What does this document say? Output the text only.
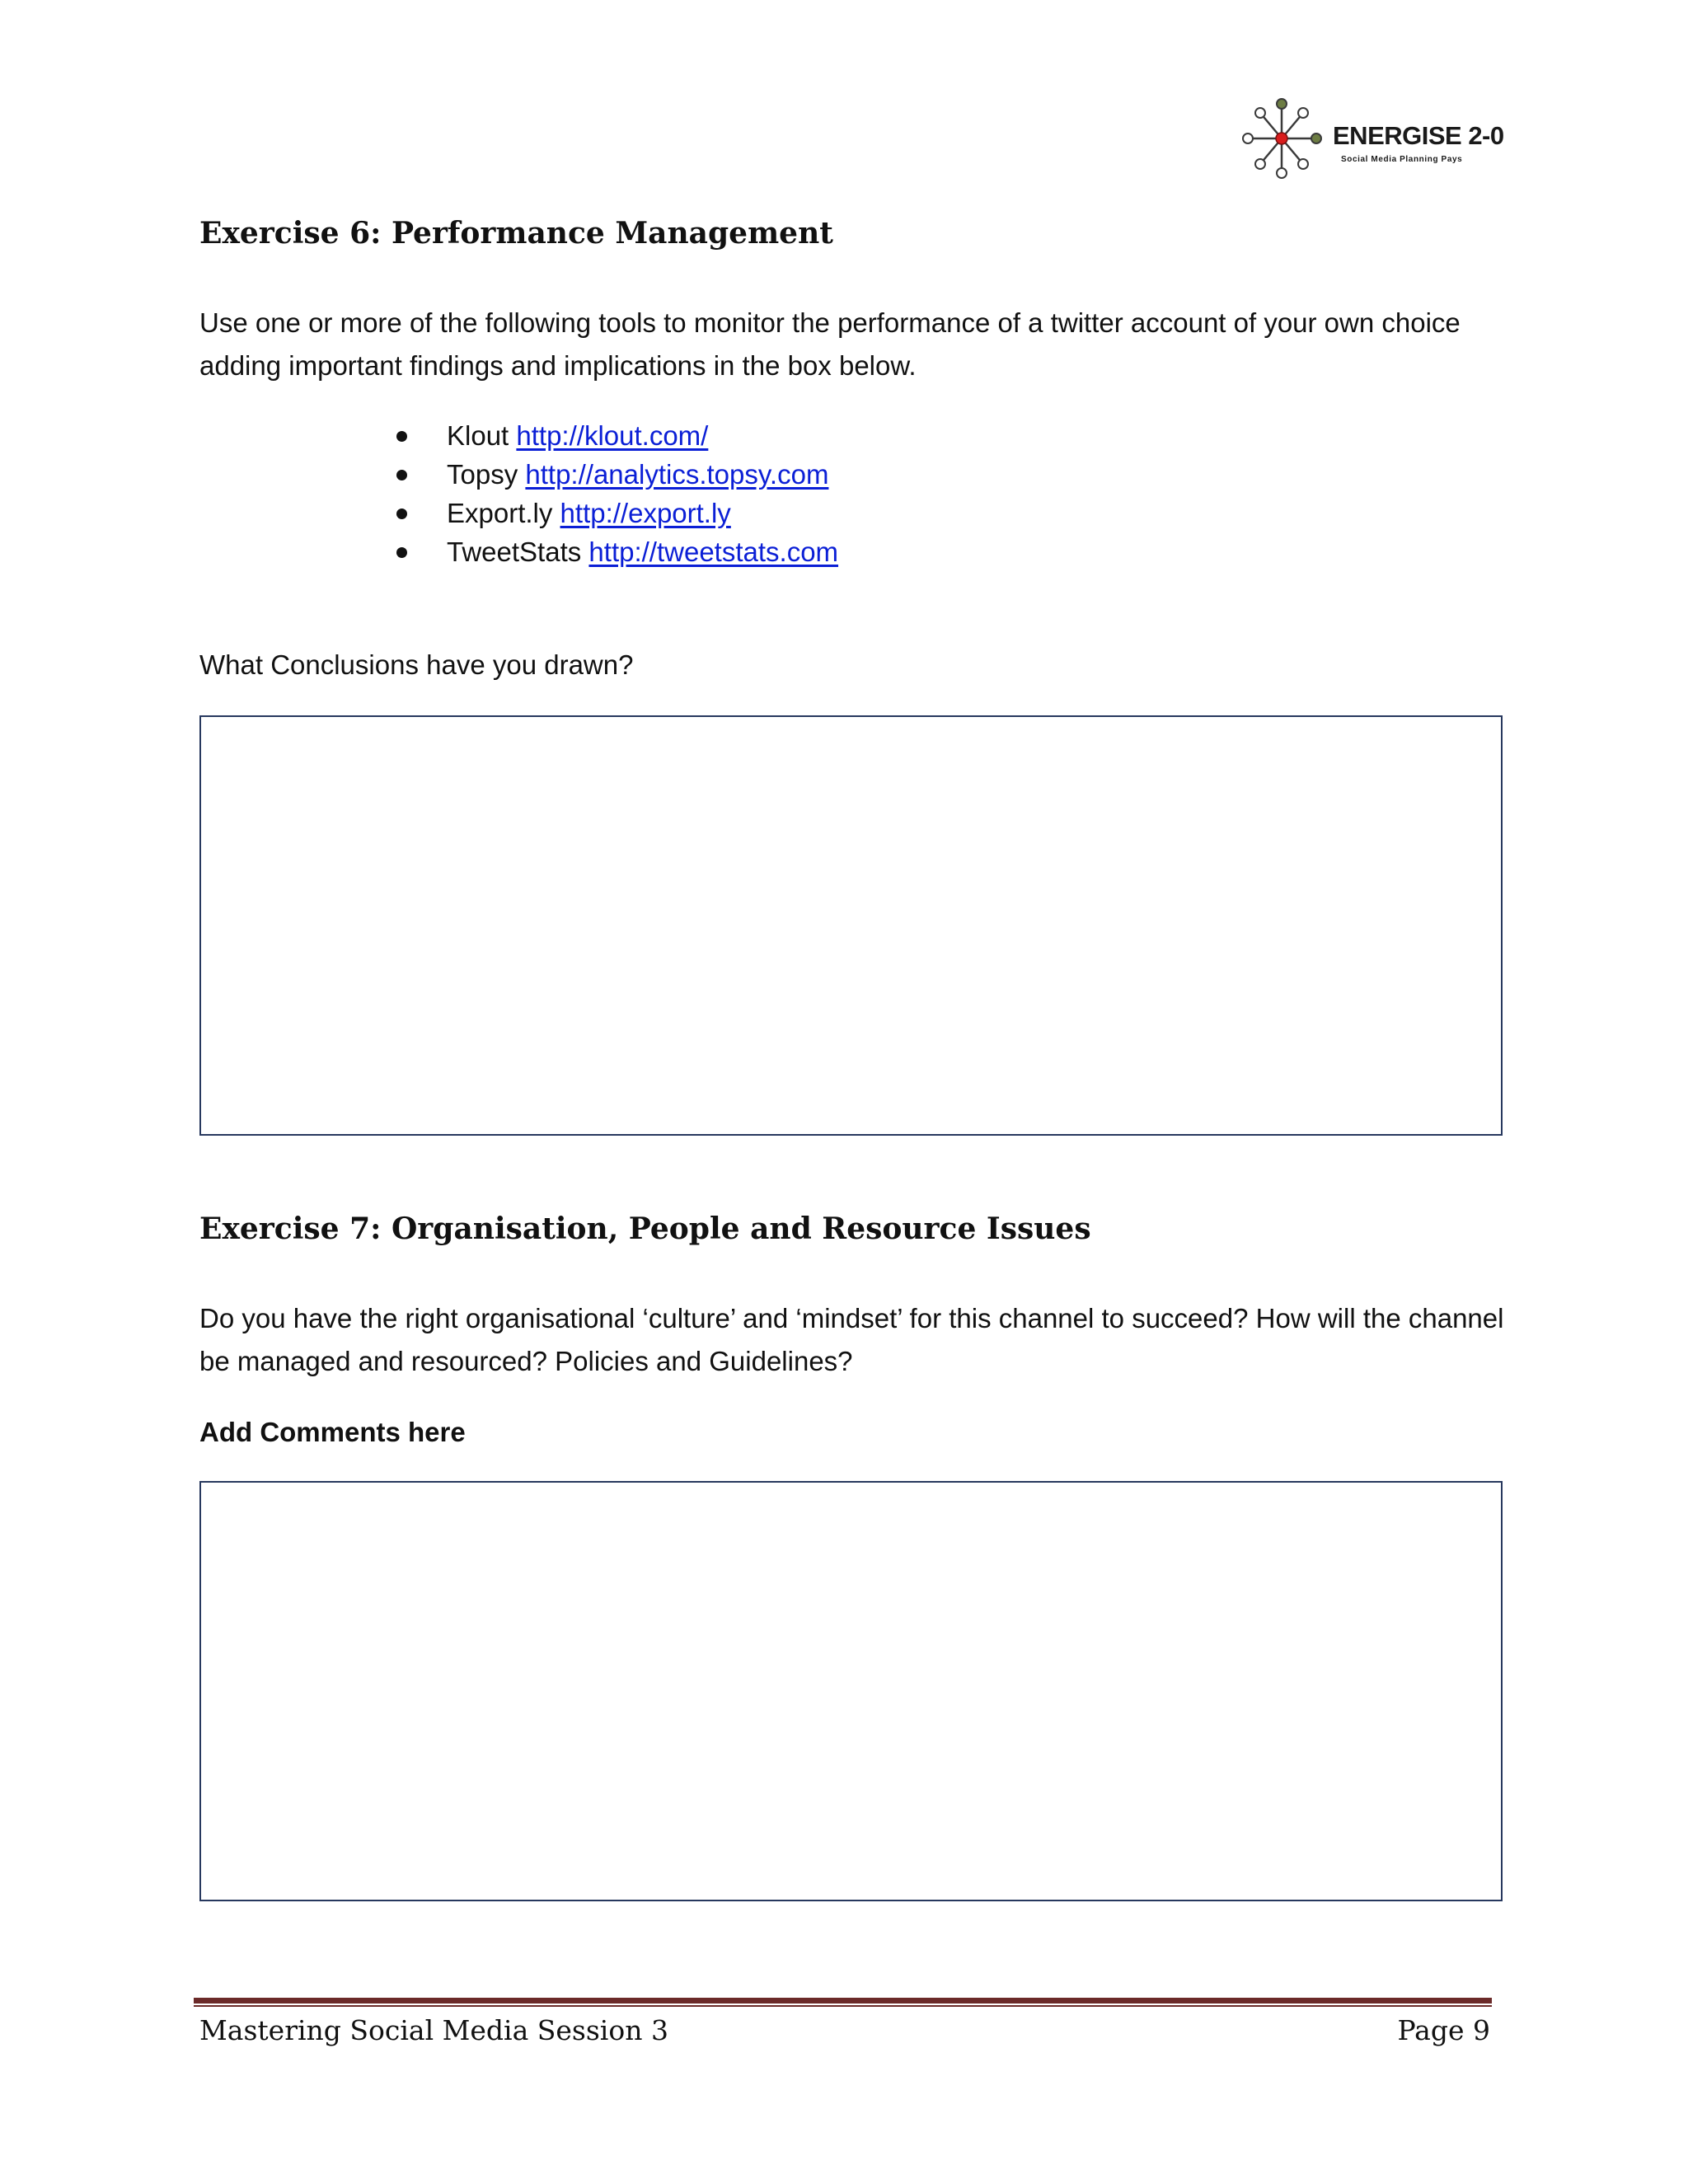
ENERGISE 2-0
Social Media Planning Pays
Exercise 6: Performance Management

Use one or more of the following tools to monitor the performance of a twitter account of your own choice adding important findings and implications in the box below.

Klout http://klout.com/
Topsy http://analytics.topsy.com
Export.ly http://export.ly
TweetStats http://tweetstats.com

What Conclusions have you drawn?

Exercise 7: Organisation, People and Resource Issues

Do you have the right organisational ‘culture’ and ‘mindset’ for this channel to succeed? How will the channel be managed and resourced? Policies and Guidelines?

Add Comments here

Mastering Social Media Session 3	Page 9
